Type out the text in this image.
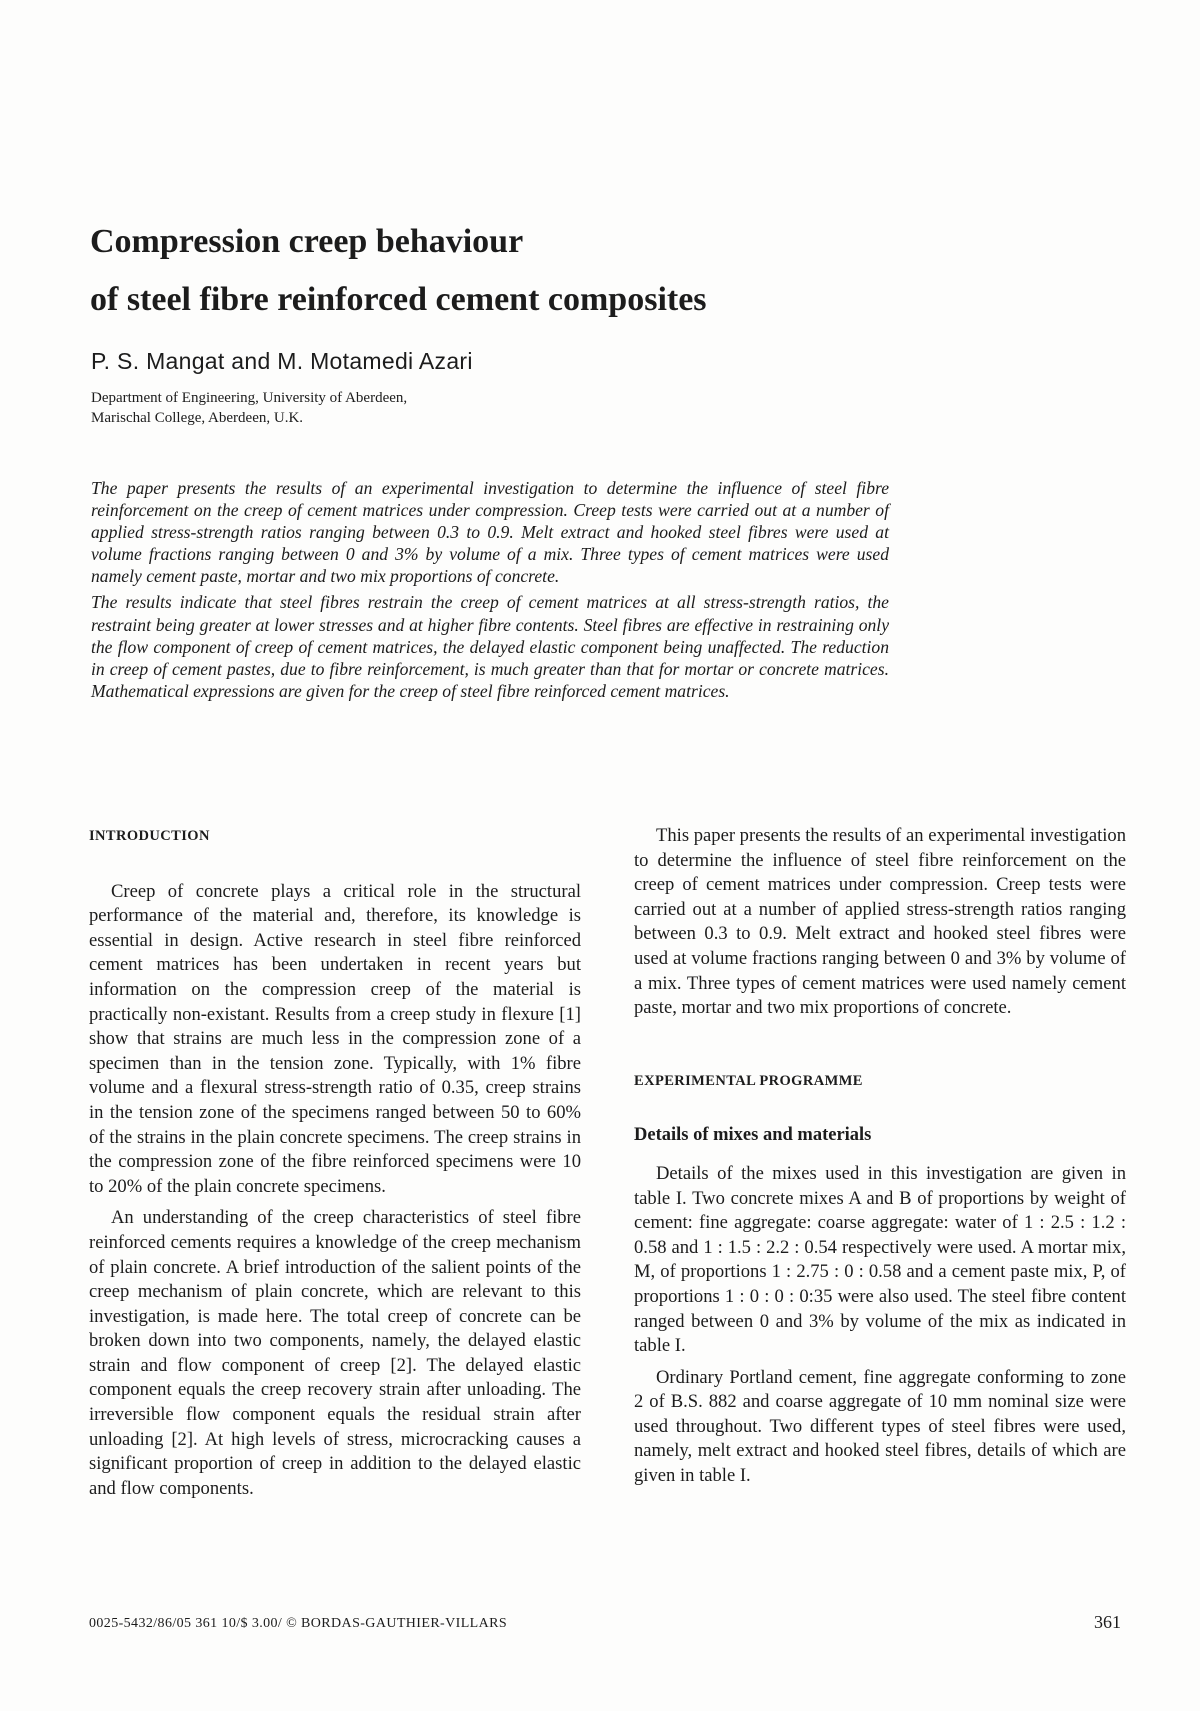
Compression creep behaviour
of steel fibre reinforced cement composites

P. S. Mangat and M. Motamedi Azari

Department of Engineering, University of Aberdeen,
Marischal College, Aberdeen, U.K.

The paper presents the results of an experimental investigation to determine the influence of steel fibre reinforcement on the creep of cement matrices under compression. Creep tests were carried out at a number of applied stress-strength ratios ranging between 0.3 to 0.9. Melt extract and hooked steel fibres were used at volume fractions ranging between 0 and 3% by volume of a mix. Three types of cement matrices were used namely cement paste, mortar and two mix proportions of concrete.

The results indicate that steel fibres restrain the creep of cement matrices at all stress-strength ratios, the restraint being greater at lower stresses and at higher fibre contents. Steel fibres are effective in restraining only the flow component of creep of cement matrices, the delayed elastic component being unaffected. The reduction in creep of cement pastes, due to fibre reinforcement, is much greater than that for mortar or concrete matrices. Mathematical expressions are given for the creep of steel fibre reinforced cement matrices.

INTRODUCTION

Creep of concrete plays a critical role in the structural performance of the material and, therefore, its knowledge is essential in design. Active research in steel fibre reinforced cement matrices has been undertaken in recent years but information on the compression creep of the material is practically non-existant. Results from a creep study in flexure [1] show that strains are much less in the compression zone of a specimen than in the tension zone. Typically, with 1% fibre volume and a flexural stress-strength ratio of 0.35, creep strains in the tension zone of the specimens ranged between 50 to 60% of the strains in the plain concrete specimens. The creep strains in the compression zone of the fibre reinforced specimens were 10 to 20% of the plain concrete specimens.

An understanding of the creep characteristics of steel fibre reinforced cements requires a knowledge of the creep mechanism of plain concrete. A brief introduction of the salient points of the creep mechanism of plain concrete, which are relevant to this investigation, is made here. The total creep of concrete can be broken down into two components, namely, the delayed elastic strain and flow component of creep [2]. The delayed elastic component equals the creep recovery strain after unloading. The irreversible flow component equals the residual strain after unloading [2]. At high levels of stress, microcracking causes a significant proportion of creep in addition to the delayed elastic and flow components.

This paper presents the results of an experimental investigation to determine the influence of steel fibre reinforcement on the creep of cement matrices under compression. Creep tests were carried out at a number of applied stress-strength ratios ranging between 0.3 to 0.9. Melt extract and hooked steel fibres were used at volume fractions ranging between 0 and 3% by volume of a mix. Three types of cement matrices were used namely cement paste, mortar and two mix proportions of concrete.

EXPERIMENTAL PROGRAMME
Details of mixes and materials

Details of the mixes used in this investigation are given in table I. Two concrete mixes A and B of proportions by weight of cement: fine aggregate: coarse aggregate: water of 1 : 2.5 : 1.2 : 0.58 and 1 : 1.5 : 2.2 : 0.54 respectively were used. A mortar mix, M, of proportions 1 : 2.75 : 0 : 0.58 and a cement paste mix, P, of proportions 1 : 0 : 0 : 0:35 were also used. The steel fibre content ranged between 0 and 3% by volume of the mix as indicated in table I.

Ordinary Portland cement, fine aggregate conforming to zone 2 of B.S. 882 and coarse aggregate of 10 mm nominal size were used throughout. Two different types of steel fibres were used, namely, melt extract and hooked steel fibres, details of which are given in table I.

0025-5432/86/05 361 10/$ 3.00/ © BORDAS-GAUTHIER-VILLARS	361
